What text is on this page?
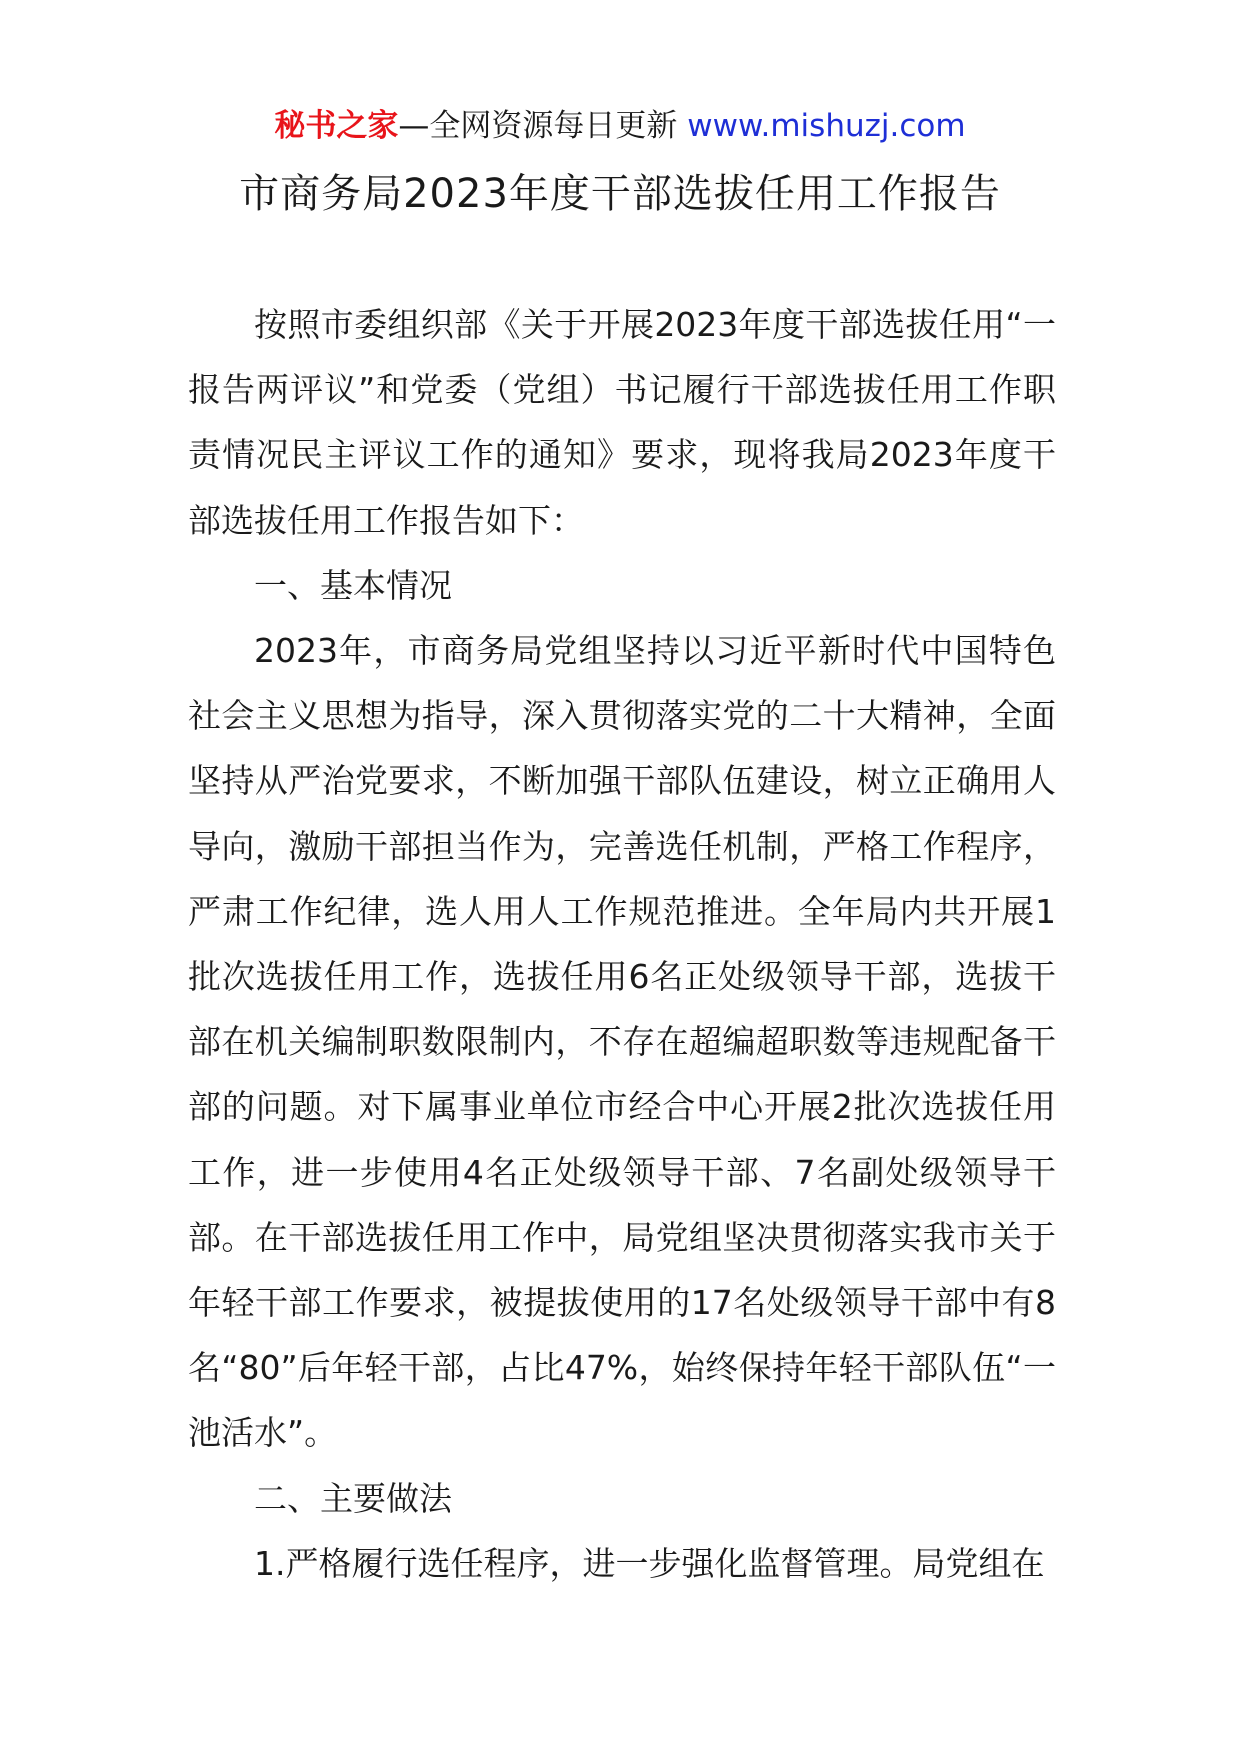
秘书之家—全网资源每日更新 www.mishuzj.com
市商务局2023年度干部选拔任用工作报告

按照市委组织部《关于开展2023年度干部选拔任用“一报告两评议”和党委（党组）书记履行干部选拔任用工作职责情况民主评议工作的通知》要求，现将我局2023年度干部选拔任用工作报告如下：

一、基本情况

2023年，市商务局党组坚持以习近平新时代中国特色社会主义思想为指导，深入贯彻落实党的二十大精神，全面坚持从严治党要求，不断加强干部队伍建设，树立正确用人导向，激励干部担当作为，完善选任机制，严格工作程序，严肃工作纪律，选人用人工作规范推进。全年局内共开展1批次选拔任用工作，选拔任用6名正处级领导干部，选拔干部在机关编制职数限制内，不存在超编超职数等违规配备干部的问题。对下属事业单位市经合中心开展2批次选拔任用工作，进一步使用4名正处级领导干部、7名副处级领导干部。在干部选拔任用工作中，局党组坚决贯彻落实我市关于年轻干部工作要求，被提拔使用的17名处级领导干部中有8名“80”后年轻干部，占比47%，始终保持年轻干部队伍“一池活水”。

二、主要做法

1.严格履行选任程序，进一步强化监督管理。局党组在
